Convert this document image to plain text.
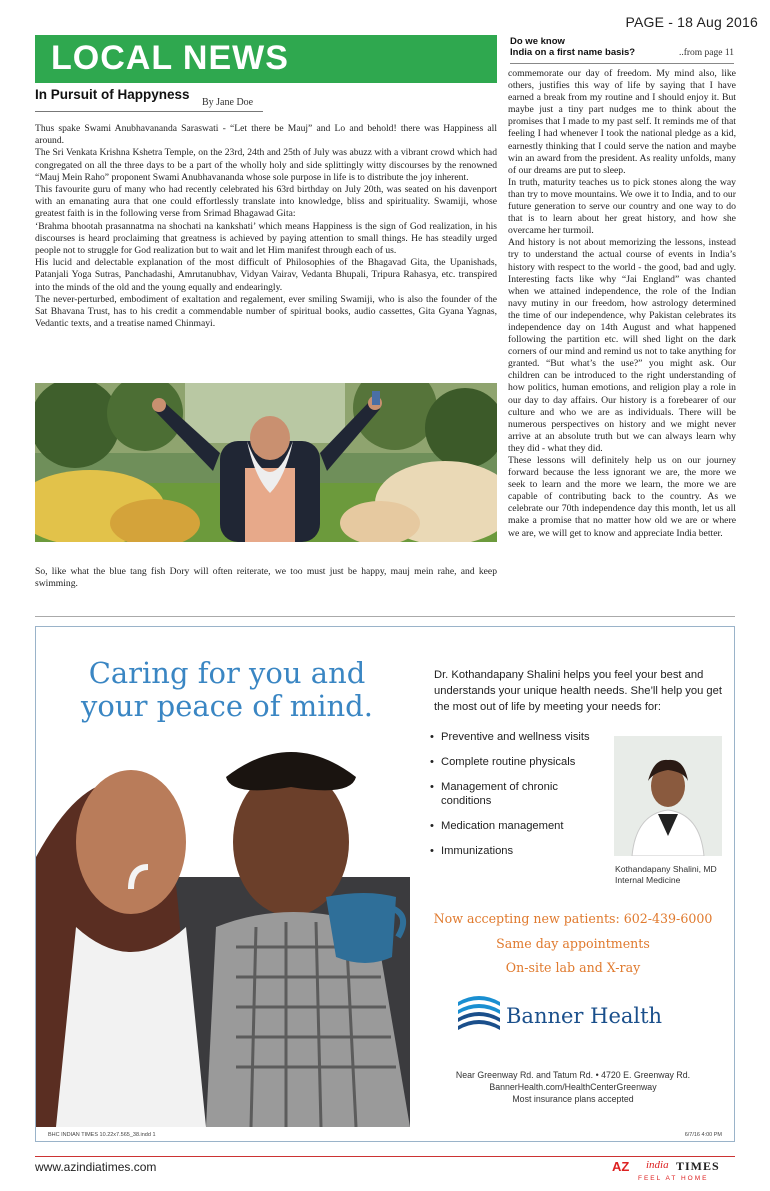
PAGE - 18 Aug 2016
LOCAL NEWS
In Pursuit of Happyness
By Jane Doe

Thus spake Swami Anubhavananda Saraswati - “Let there be Mauj” and Lo and behold! there was Happiness all around.

The Sri Venkata Krishna Kshetra Temple, on the 23rd, 24th and 25th of July was abuzz with a vibrant crowd which had congregated on all the three days to be a part of the wholly holy and side splittingly witty discourses by the renowned “Mauj Mein Raho” proponent Swami Anubhavananda whose sole purpose in life is to distribute the joy inherent.

This favourite guru of many who had recently celebrated his 63rd birthday on July 20th, was seated on his davenport with an emanating aura that one could effortlessly translate into knowledge, bliss and spirituality. Swamiji, whose greatest faith is in the following verse from Srimad Bhagawad Gita:

‘Brahma bhootah prasannatma na shochati na kankshati’ which means Happiness is the sign of God realization, in his discourses is heard proclaiming that greatness is achieved by paying attention to small things. He has steadily urged people not to struggle for God realization but to wait and let Him manifest through each of us.

His lucid and delectable explanation of the most difficult of Philosophies of the Bhagavad Gita, the Upanishads, Patanjali Yoga Sutras, Panchadashi, Amrutanubhav, Vidyan Vairav, Vedanta Bhupali, Tripura Rahasya, etc. transpired into the minds of the old and the young equally and endearingly.

The never-perturbed, embodiment of exaltation and regalement, ever smiling Swamiji, who is also the founder of the Sat Bhavana Trust, has to his credit a commendable number of spiritual books, audio cassettes, Gita Gyana Yagnas, Vedantic texts, and a treatise named Chinmayi.

So, like what the blue tang fish Dory will often reiterate, we too must just be happy, mauj mein rahe, and keep swimming.
Do we know
India on a first name basis?	..from page 11

commemorate our day of freedom. My mind also, like others, justifies this way of life by saying that I have earned a break from my routine and I should enjoy it. But maybe just a tiny part nudges me to think about the promises that I made to my past self. It reminds me of that feeling I had whenever I took the national pledge as a kid, earnestly thinking that I could serve the nation and maybe win an award from the president. As reality unfolds, many of our dreams are put to sleep.

In truth, maturity teaches us to pick stones along the way than try to move mountains. We owe it to India, and to our future generation to serve our country and one way to do that is to learn about her great history, and how she overcame her turmoil.

And history is not about memorizing the lessons, instead try to understand the actual course of events in India’s history with respect to the world - the good, bad and ugly. Interesting facts like why “Jai England” was chanted when we attained independence, the role of the Indian navy mutiny in our freedom, how astrology determined the time of our independence, why Pakistan celebrates its independence day on 14th August and what happened following the partition etc. will shed light on the dark corners of our mind and remind us not to take anything for granted. “But what’s the use?” you might ask. Our children can be introduced to the right understanding of how politics, human emotions, and religion play a role in our day to day affairs. Our history is a forebearer of our culture and who we are as individuals. There will be numerous perspectives on history and we might never arrive at an absolute truth but we can always learn why they did - what they did.

These lessons will definitely help us on our journey forward because the less ignorant we are, the more we seek to learn and the more we learn, the more we are capable of contributing back to the country. As we celebrate our 70th independence day this month, let us all make a promise that no matter how old we are or where we are, we will get to know and appreciate India better.

Caring for you and your peace of mind.
Dr. Kothandapany Shalini helps you feel your best and understands your unique health needs. She’ll help you get the most out of life by meeting your needs for:
• Preventive and wellness visits
• Complete routine physicals
• Management of chronic conditions
• Medication management
• Immunizations
Kothandapany Shalini, MD
Internal Medicine
Now accepting new patients: 602-439-6000
Same day appointments
On-site lab and X-ray
Banner Health
Near Greenway Rd. and Tatum Rd. • 4720 E. Greenway Rd.
BannerHealth.com/HealthCenterGreenway
Most insurance plans accepted
BHC INDIAN TIMES 10.22x7.565_38.indd 1	6/7/16 4:00 PM
www.azindiatimes.com	AZ india TIMES
FEEL AT HOME
